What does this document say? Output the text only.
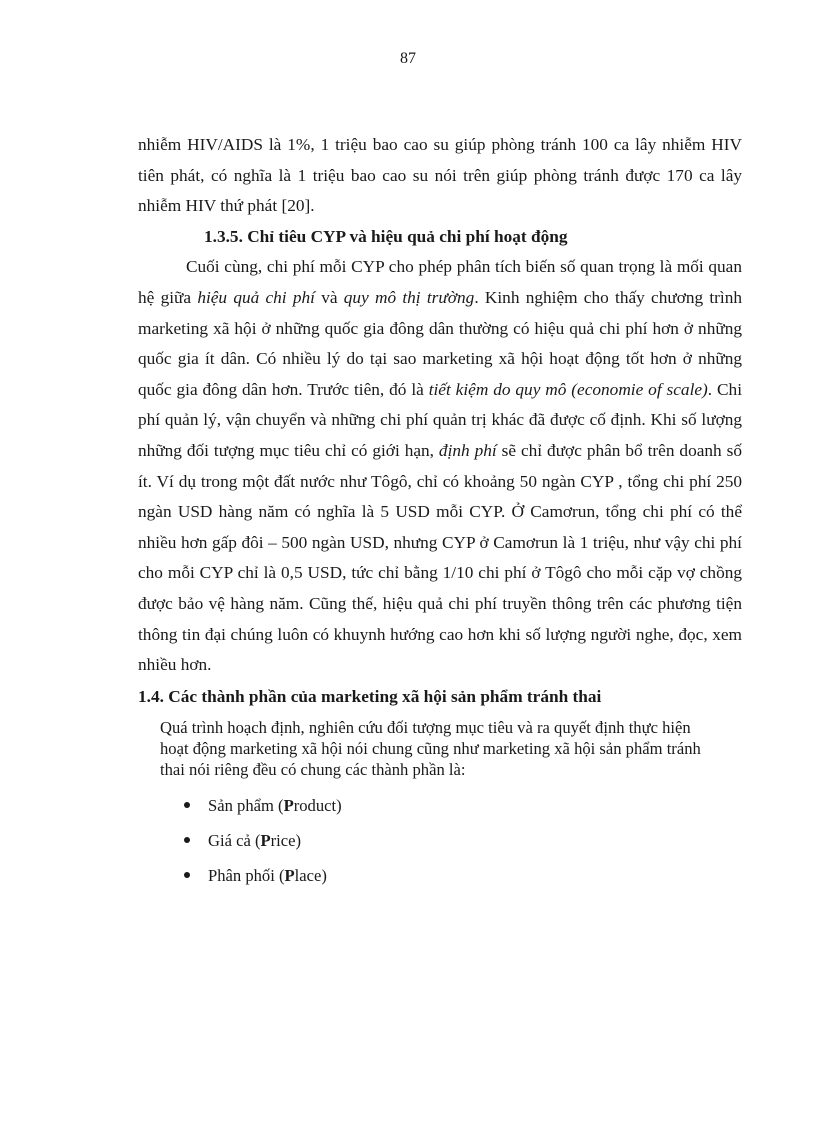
87

nhiễm HIV/AIDS là 1%, 1 triệu bao cao su giúp phòng tránh 100 ca lây nhiễm HIV tiên phát, có nghĩa là 1 triệu bao cao su nói trên giúp phòng tránh được 170 ca lây nhiễm HIV thứ phát [20].

1.3.5. Chỉ tiêu CYP và hiệu quả chi phí hoạt động

Cuối cùng, chi phí mỗi CYP cho phép phân tích biến số quan trọng là mối quan hệ giữa hiệu quả chi phí và quy mô thị trường. Kinh nghiệm cho thấy chương trình marketing xã hội ở những quốc gia đông dân thường có hiệu quả chi phí hơn ở những quốc gia ít dân. Có nhiều lý do tại sao marketing xã hội hoạt động tốt hơn ở những quốc gia đông dân hơn. Trước tiên, đó là tiết kiệm do quy mô (economie of scale). Chi phí quản lý, vận chuyển và những chi phí quản trị khác đã được cố định. Khi số lượng những đối tượng mục tiêu chỉ có giới hạn, định phí sẽ chỉ được phân bổ trên doanh số ít. Ví dụ trong một đất nước như Tôgô, chỉ có khoảng 50 ngàn CYP , tổng chi phí 250 ngàn USD hàng năm có nghĩa là 5 USD mỗi CYP. Ở Camơrun, tổng chi phí có thể nhiều hơn gấp đôi – 500 ngàn USD, nhưng CYP ở Camơrun là 1 triệu, như vậy chi phí cho mỗi CYP chỉ là 0,5 USD, tức chỉ bằng 1/10 chi phí ở Tôgô cho mỗi cặp vợ chồng được bảo vệ hàng năm. Cũng thế, hiệu quả chi phí truyền thông trên các phương tiện thông tin đại chúng luôn có khuynh hướng cao hơn khi số lượng người nghe, đọc, xem nhiều hơn.

1.4. Các thành phần của marketing xã hội sản phẩm tránh thai

Quá trình hoạch định, nghiên cứu đối tượng mục tiêu và ra quyết định thực hiện hoạt động marketing xã hội nói chung cũng như marketing xã hội sản phẩm tránh thai nói riêng đều có chung các thành phần là:

Sản phẩm (Product)
Giá cả (Price)
Phân phối (Place)
